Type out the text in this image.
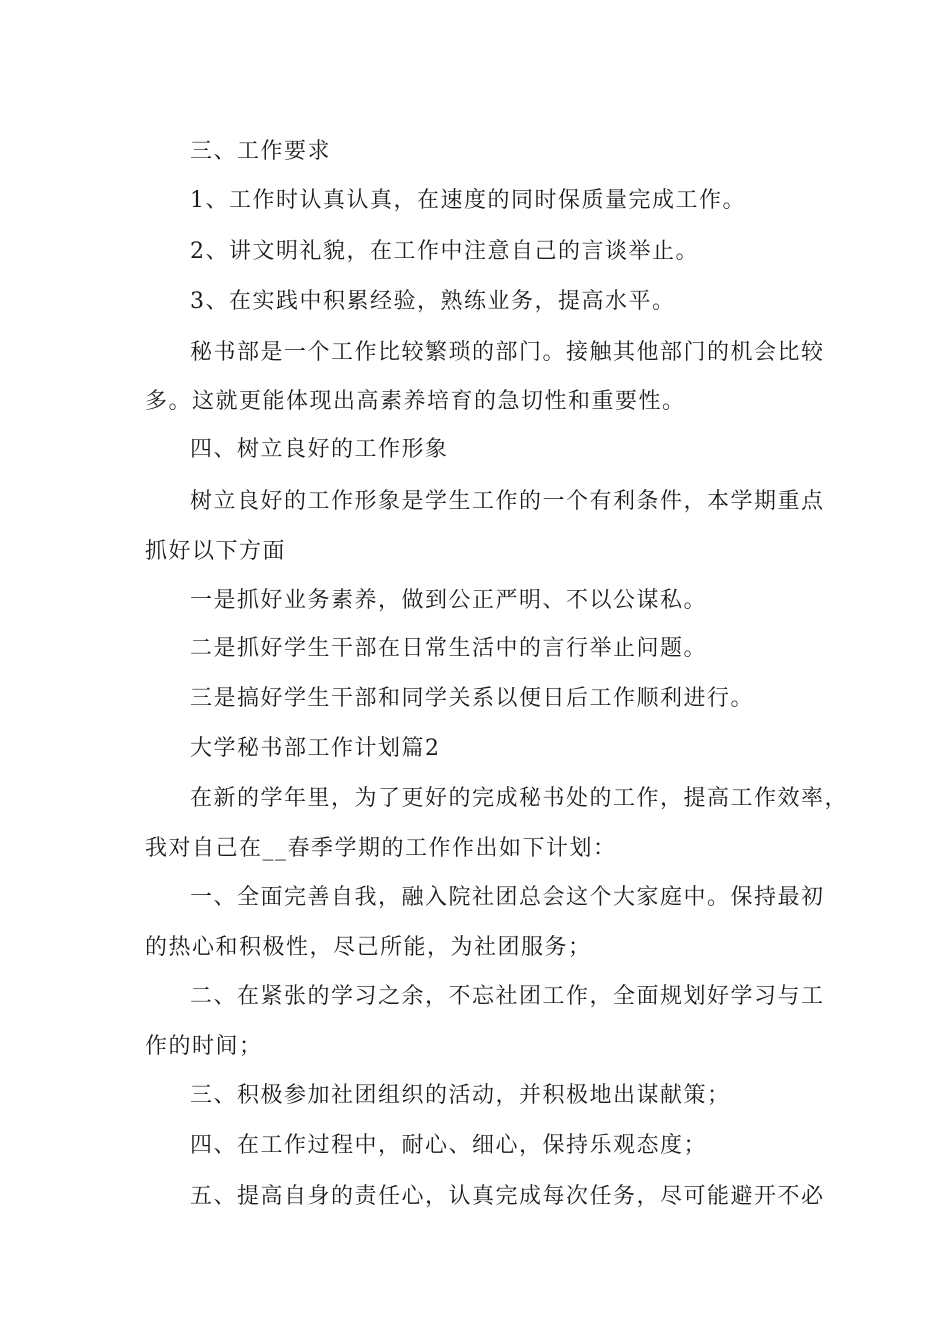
三、工作要求
1、工作时认真认真，在速度的同时保质量完成工作。
2、讲文明礼貌，在工作中注意自己的言谈举止。
3、在实践中积累经验，熟练业务，提高水平。
秘书部是一个工作比较繁琐的部门。接触其他部门的机会比较
多。这就更能体现出高素养培育的急切性和重要性。
四、树立良好的工作形象
树立良好的工作形象是学生工作的一个有利条件，本学期重点
抓好以下方面
一是抓好业务素养，做到公正严明、不以公谋私。
二是抓好学生干部在日常生活中的言行举止问题。
三是搞好学生干部和同学关系以便日后工作顺利进行。
大学秘书部工作计划篇2
在新的学年里，为了更好的完成秘书处的工作，提高工作效率，
我对自己在__春季学期的工作作出如下计划：
一、全面完善自我，融入院社团总会这个大家庭中。保持最初
的热心和积极性，尽己所能，为社团服务；
二、在紧张的学习之余，不忘社团工作，全面规划好学习与工
作的时间；
三、积极参加社团组织的活动，并积极地出谋献策；
四、在工作过程中，耐心、细心，保持乐观态度；
五、提高自身的责任心，认真完成每次任务，尽可能避开不必
